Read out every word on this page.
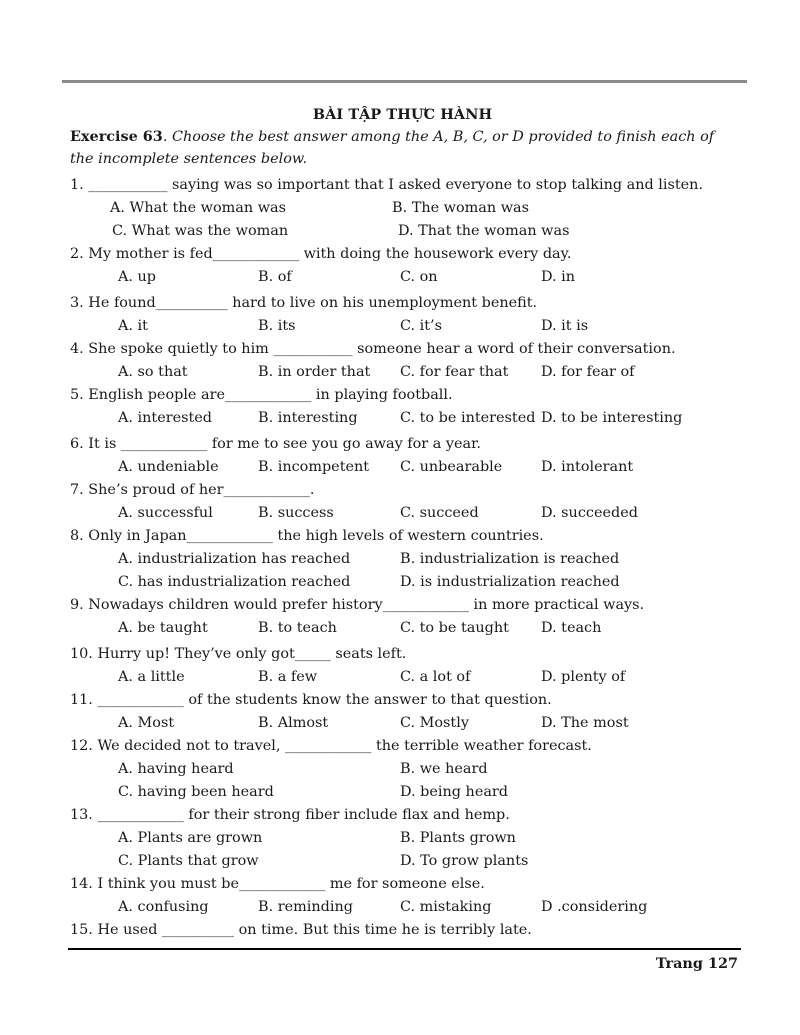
BÀI TẬP THỰC HÀNH
Exercise 63. Choose the best answer among the A, B, C, or D provided to finish each of the incomplete sentences below.
1. ___________ saying was so important that I asked everyone to stop talking and listen.
A. What the woman was	B. The woman was
C. What was the woman	D. That the woman was
2. My mother is fed____________ with doing the housework every day.
A. up	B. of	C. on	D. in
3. He found__________ hard to live on his unemployment benefit.
A. it	B. its	C. it’s	D. it is
4. She spoke quietly to him ___________ someone hear a word of their conversation.
A. so that	B. in order that C. for fear that D. for fear of
5. English people are____________ in playing football.
A. interested	B. interesting	C. to be interested D. to be interesting
6. It is ____________ for me to see you go away for a year.
A. undeniable	B. incompetent C. unbearable	D. intolerant
7. She’s proud of her____________.
A. successful	B. success	C. succeed	D. succeeded
8. Only in Japan____________ the high levels of western countries.
A. industrialization has reached	B. industrialization is reached
C. has industrialization reached	D. is industrialization reached
9. Nowadays children would prefer history____________ in more practical ways.
A. be taught	B. to teach	C. to be taught D. teach
10. Hurry up! They’ve only got_____ seats left.
A. a little	B. a few	C. a lot of	D. plenty of
11. ____________ of the students know the answer to that question.
A. Most	B. Almost	C. Mostly	D. The most
12. We decided not to travel, ____________ the terrible weather forecast.
A. having heard	B. we heard
C. having been heard	D. being heard
13. ____________ for their strong fiber include flax and hemp.
A. Plants are grown	B. Plants grown
C. Plants that grow	D. To grow plants
14. I think you must be____________ me for someone else.
A. confusing	B. reminding	C. mistaking	D .considering
15. He used __________ on time. But this time he is terribly late.
Trang 127
